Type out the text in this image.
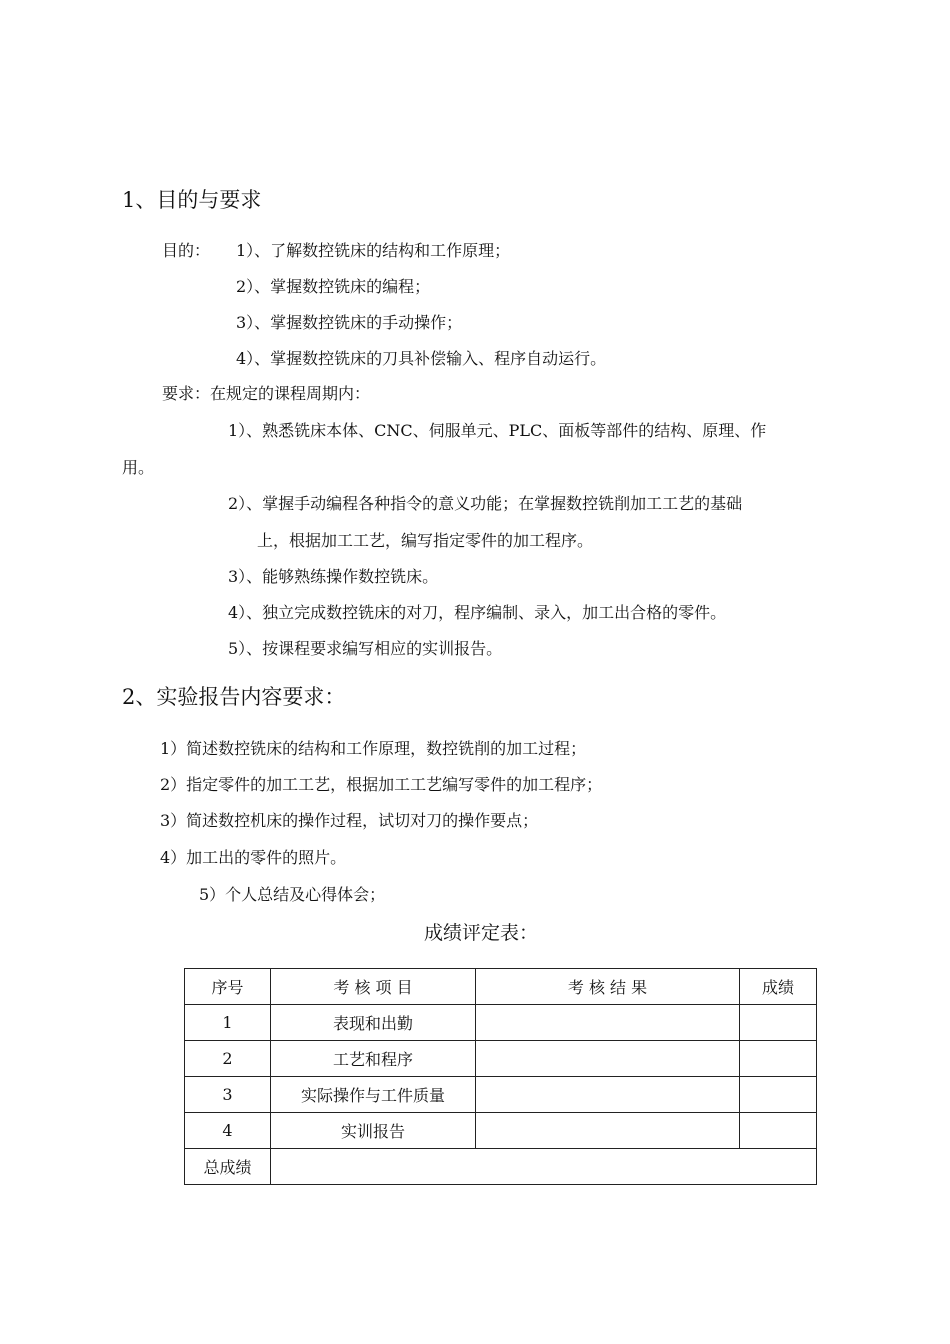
1、目的与要求
目的： 1）、了解数控铣床的结构和工作原理；
2）、掌握数控铣床的编程；
3）、掌握数控铣床的手动操作；
4）、掌握数控铣床的刀具补偿输入、程序自动运行。
要求：在规定的课程周期内：
1）、熟悉铣床本体、CNC、伺服单元、PLC、面板等部件的结构、原理、作
用。
2）、掌握手动编程各种指令的意义功能；在掌握数控铣削加工工艺的基础
上，根据加工工艺，编写指定零件的加工程序。
3）、能够熟练操作数控铣床。
4）、独立完成数控铣床的对刀，程序编制、录入，加工出合格的零件。
5）、按课程要求编写相应的实训报告。
2、实验报告内容要求：
1）简述数控铣床的结构和工作原理，数控铣削的加工过程；
2）指定零件的加工工艺，根据加工工艺编写零件的加工程序；
3）简述数控机床的操作过程，试切对刀的操作要点；
4）加工出的零件的照片。
5）个人总结及心得体会；
成绩评定表：
序号	考 核 项 目	考 核 结 果	成绩
1	表现和出勤		
2	工艺和程序		
3	实际操作与工件质量		
4	实训报告		
总成绩			
